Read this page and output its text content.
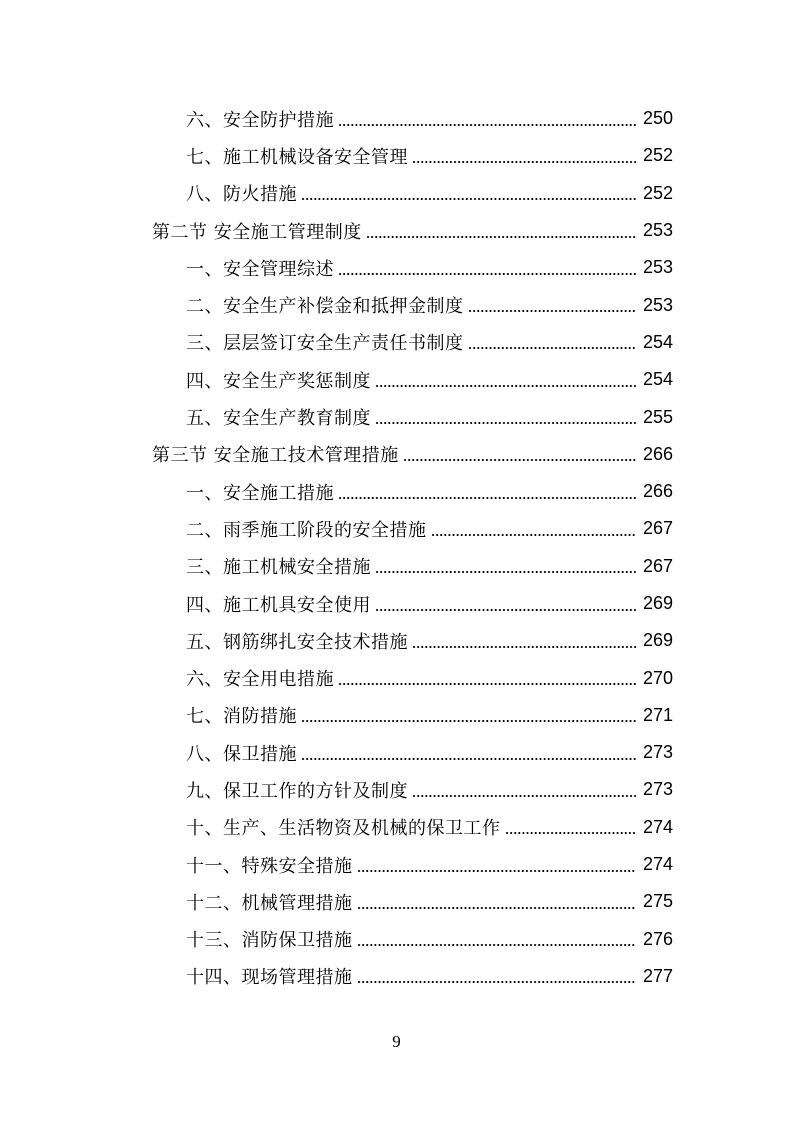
六、安全防护措施	250
七、施工机械设备安全管理	252
八、防火措施	252
第二节 安全施工管理制度	253
一、安全管理综述	253
二、安全生产补偿金和抵押金制度	253
三、层层签订安全生产责任书制度	254
四、安全生产奖惩制度	254
五、安全生产教育制度	255
第三节 安全施工技术管理措施	266
一、安全施工措施	266
二、雨季施工阶段的安全措施	267
三、施工机械安全措施	267
四、施工机具安全使用	269
五、钢筋绑扎安全技术措施	269
六、安全用电措施	270
七、消防措施	271
八、保卫措施	273
九、保卫工作的方针及制度	273
十、生产、生活物资及机械的保卫工作	274
十一、特殊安全措施	274
十二、机械管理措施	275
十三、消防保卫措施	276
十四、现场管理措施	277
9
